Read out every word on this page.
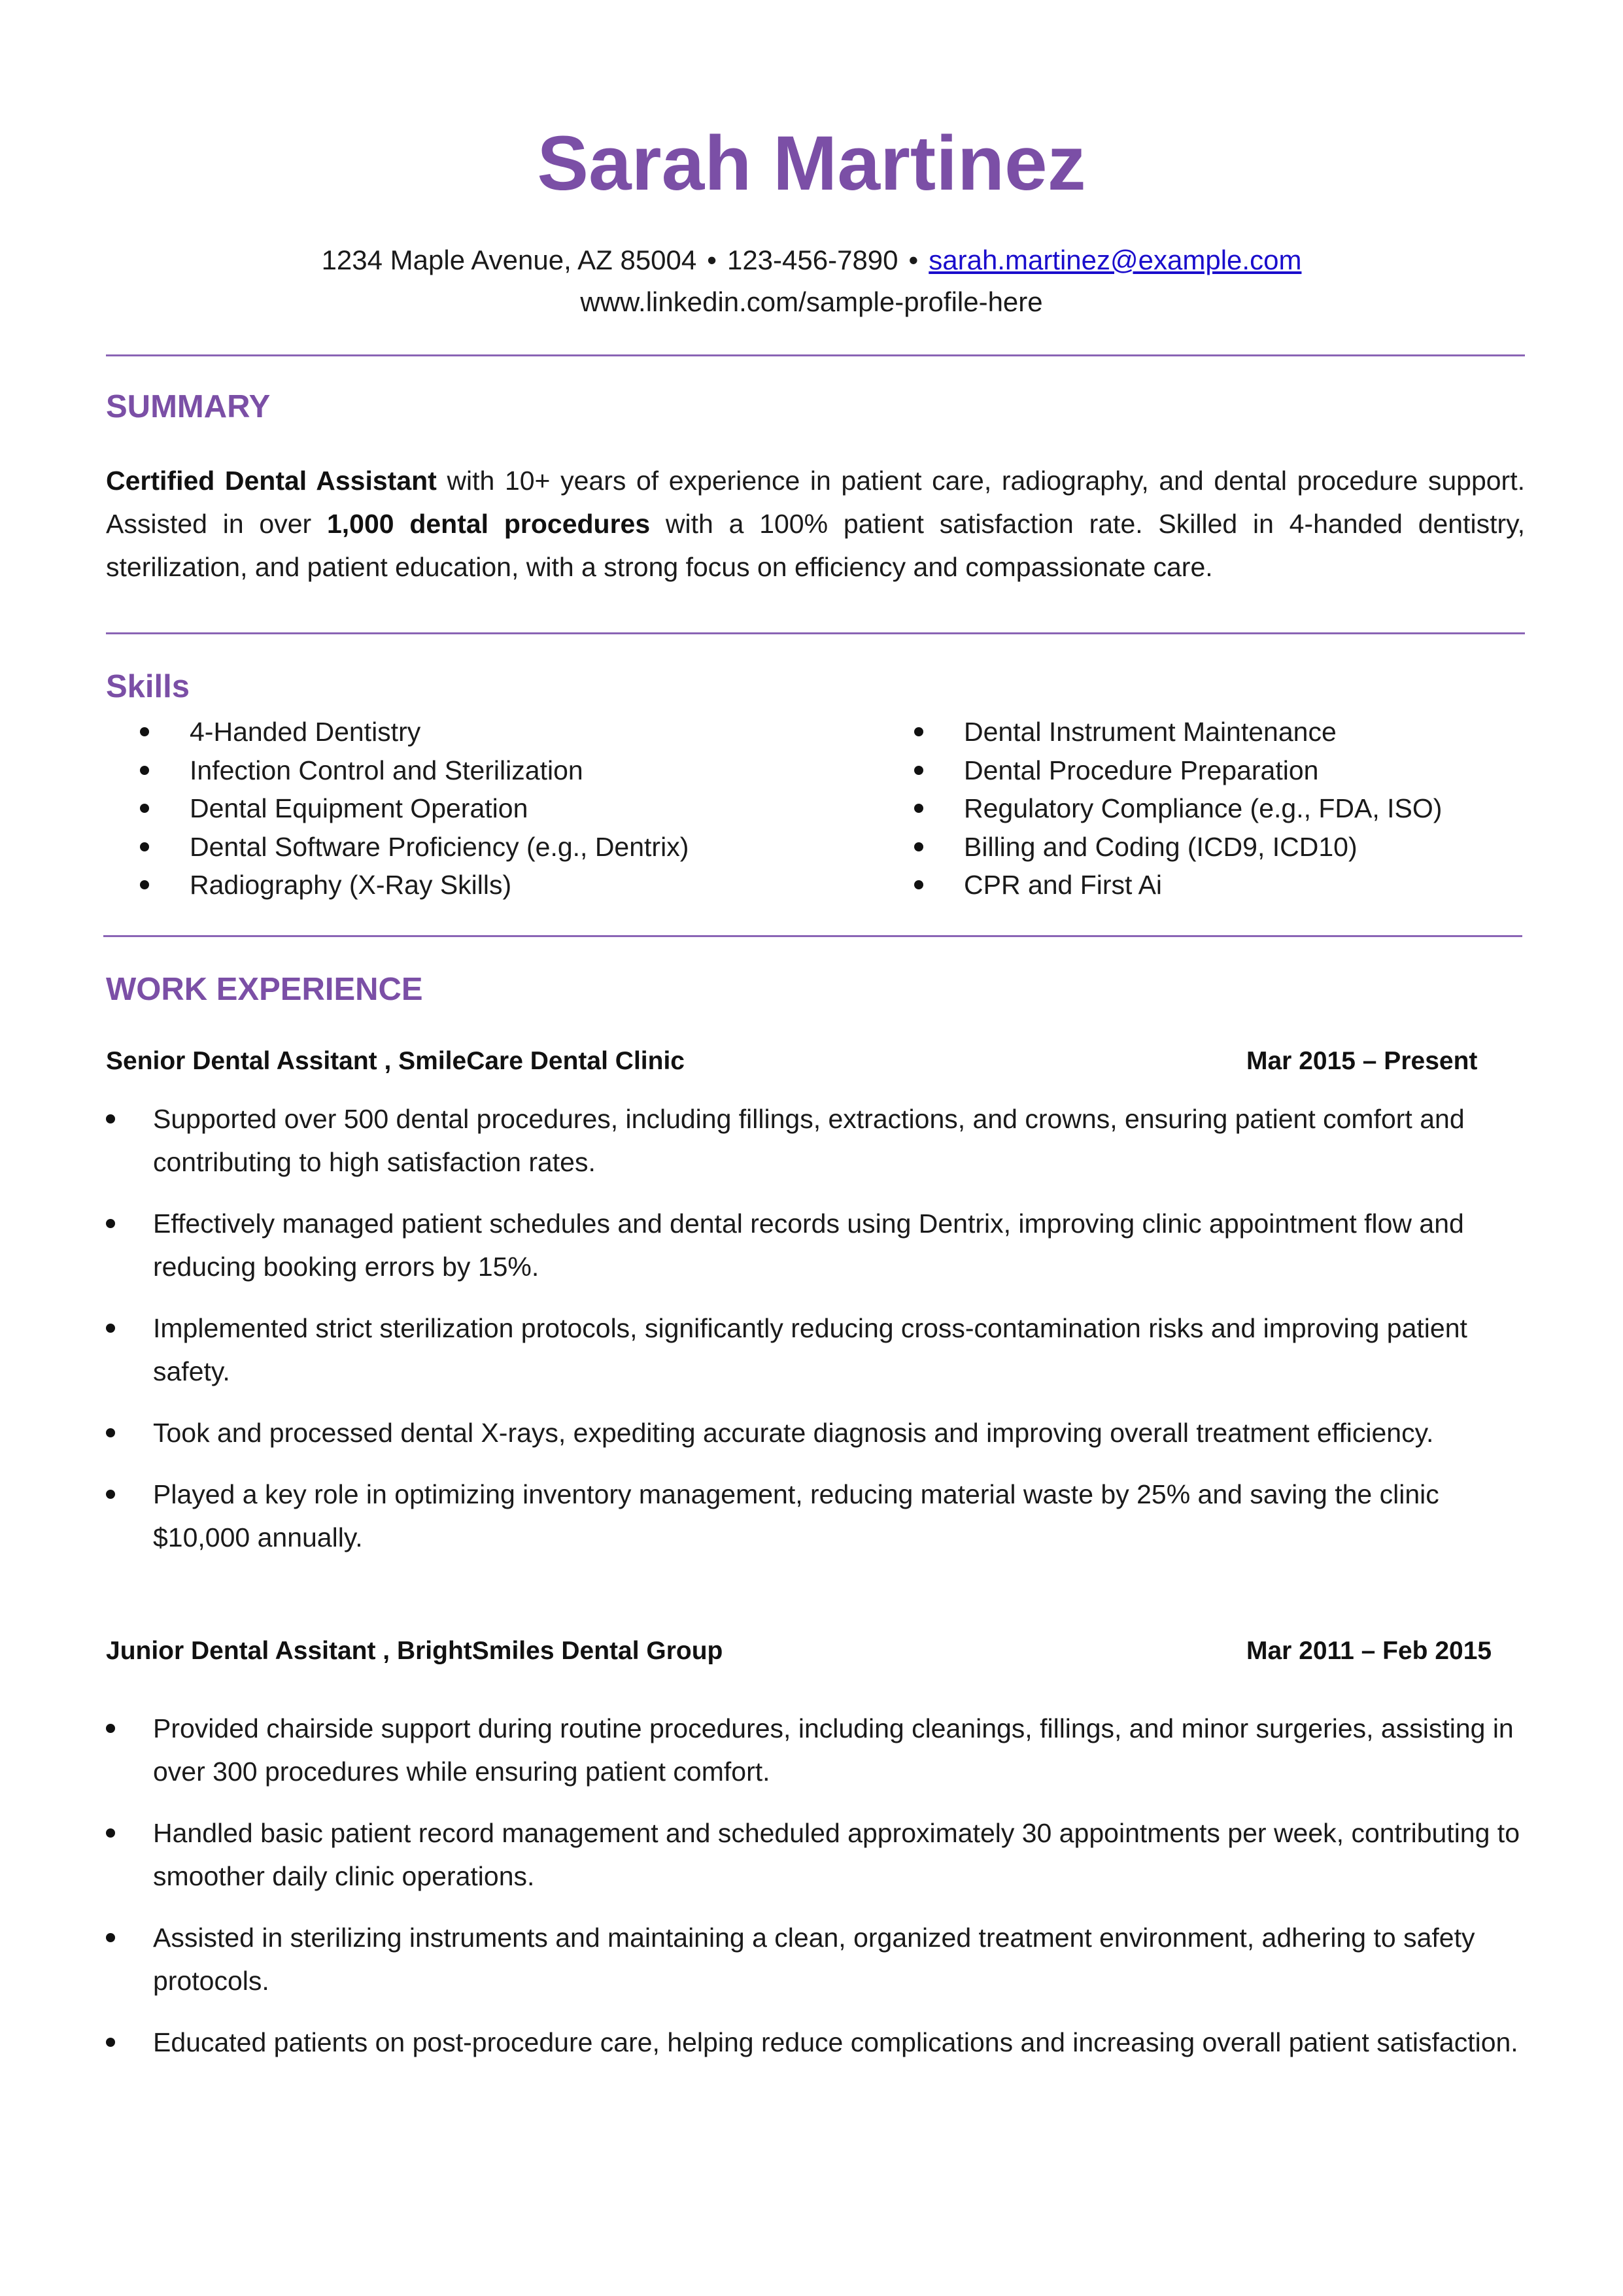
Sarah Martinez
1234 Maple Avenue, AZ 85004 • 123-456-7890 • sarah.martinez@example.com
www.linkedin.com/sample-profile-here
SUMMARY
Certified Dental Assistant with 10+ years of experience in patient care, radiography, and dental procedure support. Assisted in over 1,000 dental procedures with a 100% patient satisfaction rate. Skilled in 4-handed dentistry, sterilization, and patient education, with a strong focus on efficiency and compassionate care.
Skills
4-Handed Dentistry
Infection Control and Sterilization
Dental Equipment Operation
Dental Software Proficiency (e.g., Dentrix)
Radiography (X-Ray Skills)
Dental Instrument Maintenance
Dental Procedure Preparation
Regulatory Compliance (e.g., FDA, ISO)
Billing and Coding (ICD9, ICD10)
CPR and First Ai
WORK EXPERIENCE
Senior Dental Assitant , SmileCare Dental Clinic	Mar 2015 – Present
Supported over 500 dental procedures, including fillings, extractions, and crowns, ensuring patient comfort and contributing to high satisfaction rates.
Effectively managed patient schedules and dental records using Dentrix, improving clinic appointment flow and reducing booking errors by 15%.
Implemented strict sterilization protocols, significantly reducing cross-contamination risks and improving patient safety.
Took and processed dental X-rays, expediting accurate diagnosis and improving overall treatment efficiency.
Played a key role in optimizing inventory management, reducing material waste by 25% and saving the clinic $10,000 annually.
Junior Dental Assitant , BrightSmiles Dental Group	Mar 2011 – Feb 2015
Provided chairside support during routine procedures, including cleanings, fillings, and minor surgeries, assisting in over 300 procedures while ensuring patient comfort.
Handled basic patient record management and scheduled approximately 30 appointments per week, contributing to smoother daily clinic operations.
Assisted in sterilizing instruments and maintaining a clean, organized treatment environment, adhering to safety protocols.
Educated patients on post-procedure care, helping reduce complications and increasing overall patient satisfaction.
